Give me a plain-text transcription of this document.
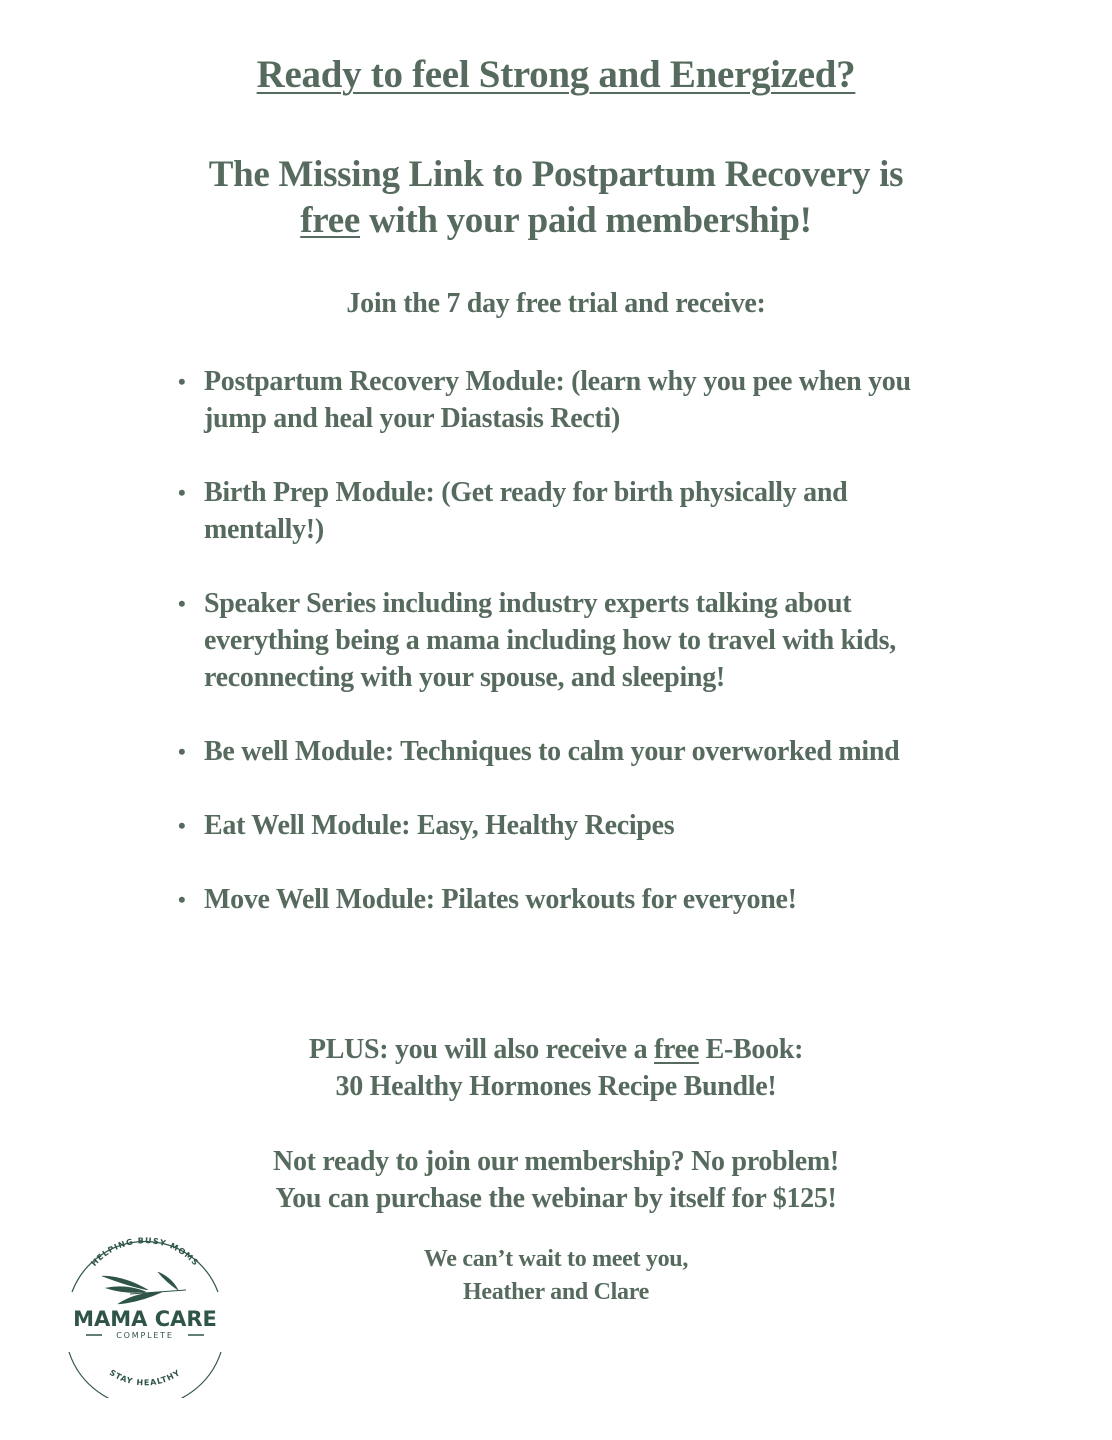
Ready to feel Strong and Energized?
The Missing Link to Postpartum Recovery is
free with your paid membership!
Join the 7 day free trial and receive:
• Postpartum Recovery Module: (learn why you pee when you jump and heal your Diastasis Recti)
• Birth Prep Module: (Get ready for birth physically and mentally!)
• Speaker Series including industry experts talking about everything being a mama including how to travel with kids, reconnecting with your spouse, and sleeping!
• Be well Module: Techniques to calm your overworked mind
• Eat Well Module: Easy, Healthy Recipes
• Move Well Module: Pilates workouts for everyone!
PLUS: you will also receive a free E-Book:
30 Healthy Hormones Recipe Bundle!
Not ready to join our membership? No problem!
You can purchase the webinar by itself for $125!
We can’t wait to meet you,
Heather and Clare
HELPING BUSY MOMS
MAMA CARE
COMPLETE
STAY HEALTHY
